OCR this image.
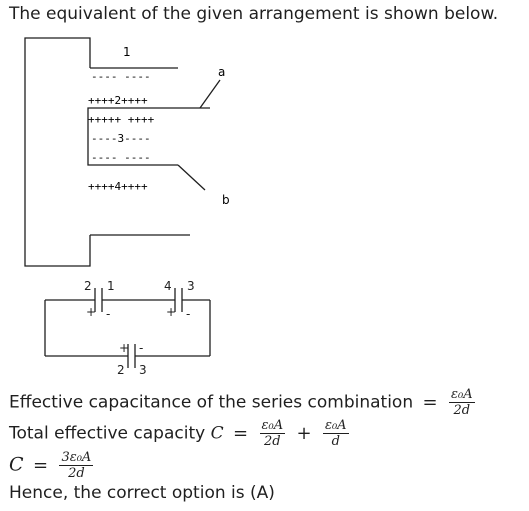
The equivalent of the given arrangement is shown below.
1
a
b
---- ----
++++2++++
+++++ ++++
----3----
---- ----
++++4++++
2 1	4 3
+ -	+ -
+ -
2 3
Effective capacitance of the series combination = $\frac{\text{ε₀A}}{2d}$
Total effective capacity $C = \frac{\text{ε₀A}}{2d} + \frac{\text{ε₀A}}{d}$
$C = \frac{\text{3ε₀A}}{2d}$
Hence, the correct option is (A)
